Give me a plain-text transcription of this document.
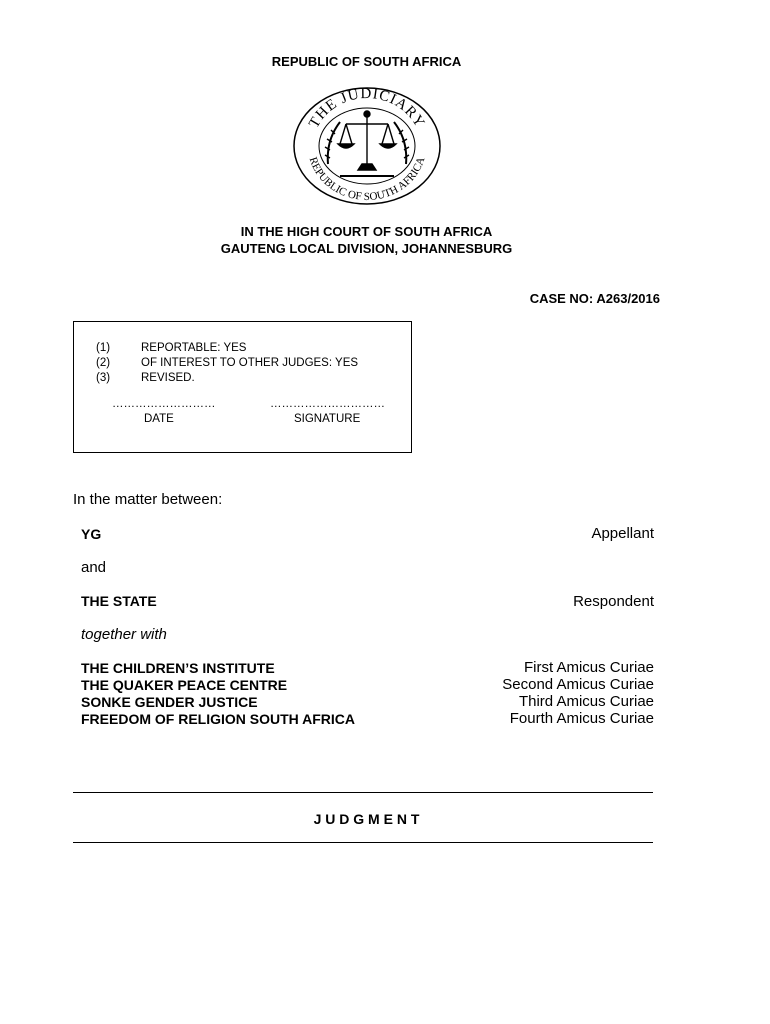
REPUBLIC OF SOUTH AFRICA
THE JUDICIARY
REPUBLIC OF SOUTH AFRICA
IN THE HIGH COURT OF SOUTH AFRICA
GAUTENG LOCAL DIVISION, JOHANNESBURG
CASE NO: A263/2016
(1)	REPORTABLE: YES
(2)	OF INTEREST TO OTHER JUDGES: YES
(3)	REVISED.
………………………	…………………………
DATE	SIGNATURE
In the matter between:
YG	Appellant
and
THE STATE	Respondent
together with
THE CHILDREN’S INSTITUTE	First Amicus Curiae
THE QUAKER PEACE CENTRE	Second Amicus Curiae
SONKE GENDER JUSTICE	Third Amicus Curiae
FREEDOM OF RELIGION SOUTH AFRICA	Fourth Amicus Curiae
J U D G M E N T
